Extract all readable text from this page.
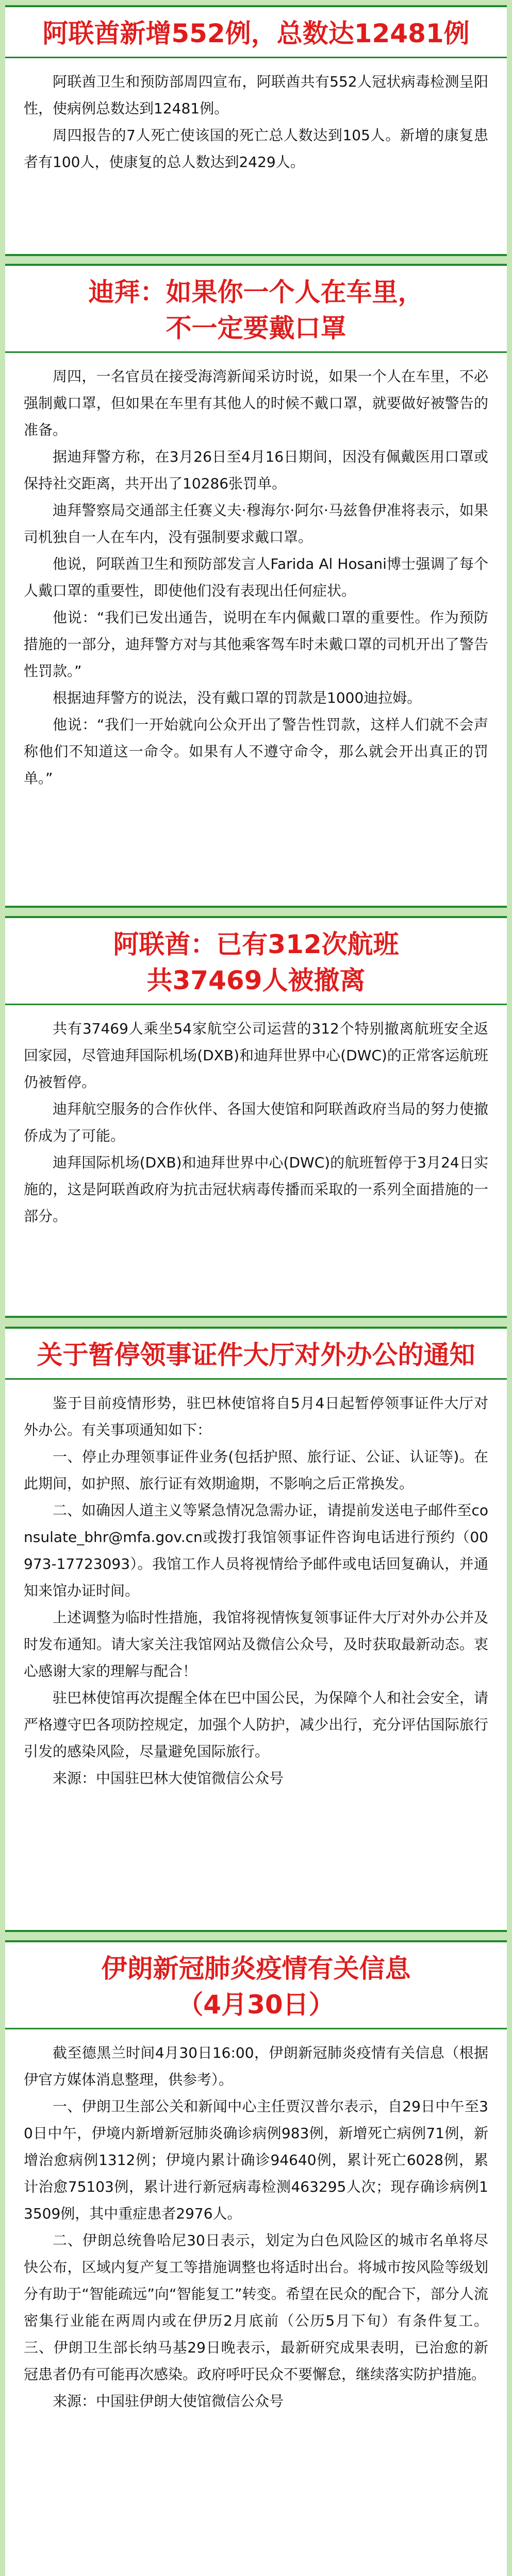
阿联酋新增552例，总数达12481例

阿联酋卫生和预防部周四宣布，阿联酋共有552人冠状病毒检测呈阳性，使病例总数达到12481例。

周四报告的7人死亡使该国的死亡总人数达到105人。新增的康复患者有100人，使康复的总人数达到2429人。

迪拜：如果你一个人在车里，
不一定要戴口罩

周四，一名官员在接受海湾新闻采访时说，如果一个人在车里，不必强制戴口罩，但如果在车里有其他人的时候不戴口罩，就要做好被警告的准备。

据迪拜警方称，在3月26日至4月16日期间，因没有佩戴医用口罩或保持社交距离，共开出了10286张罚单。

迪拜警察局交通部主任赛义夫·穆海尔·阿尔·马兹鲁伊准将表示，如果司机独自一人在车内，没有强制要求戴口罩。

他说，阿联酋卫生和预防部发言人Farida Al Hosani博士强调了每个人戴口罩的重要性，即使他们没有表现出任何症状。

他说：“我们已发出通告，说明在车内佩戴口罩的重要性。作为预防措施的一部分，迪拜警方对与其他乘客驾车时未戴口罩的司机开出了警告性罚款。”

根据迪拜警方的说法，没有戴口罩的罚款是1000迪拉姆。

他说：“我们一开始就向公众开出了警告性罚款，这样人们就不会声称他们不知道这一命令。如果有人不遵守命令，那么就会开出真正的罚单。”

阿联酋：已有312次航班
共37469人被撤离

共有37469人乘坐54家航空公司运营的312个特别撤离航班安全返回家园，尽管迪拜国际机场(DXB)和迪拜世界中心(DWC)的正常客运航班仍被暂停。

迪拜航空服务的合作伙伴、各国大使馆和阿联酋政府当局的努力使撤侨成为了可能。

迪拜国际机场(DXB)和迪拜世界中心(DWC)的航班暂停于3月24日实施的，这是阿联酋政府为抗击冠状病毒传播而采取的一系列全面措施的一部分。

关于暂停领事证件大厅对外办公的通知

鉴于目前疫情形势，驻巴林使馆将自5月4日起暂停领事证件大厅对外办公。有关事项通知如下：

一、停止办理领事证件业务(包括护照、旅行证、公证、认证等)。在此期间，如护照、旅行证有效期逾期，不影响之后正常换发。

二、如确因人道主义等紧急情况急需办证，请提前发送电子邮件至consulate_bhr@mfa.gov.cn或拨打我馆领事证件咨询电话进行预约（00973-17723093）。我馆工作人员将视情给予邮件或电话回复确认，并通知来馆办证时间。

上述调整为临时性措施，我馆将视情恢复领事证件大厅对外办公并及时发布通知。请大家关注我馆网站及微信公众号，及时获取最新动态。衷心感谢大家的理解与配合！

驻巴林使馆再次提醒全体在巴中国公民，为保障个人和社会安全，请严格遵守巴各项防控规定，加强个人防护，减少出行，充分评估国际旅行引发的感染风险，尽量避免国际旅行。

来源：中国驻巴林大使馆微信公众号

伊朗新冠肺炎疫情有关信息
（4月30日）

截至德黑兰时间4月30日16:00，伊朗新冠肺炎疫情有关信息（根据伊官方媒体消息整理，供参考）。

一、伊朗卫生部公关和新闻中心主任贾汉普尔表示，自29日中午至30日中午，伊境内新增新冠肺炎确诊病例983例，新增死亡病例71例，新增治愈病例1312例；伊境内累计确诊94640例，累计死亡6028例，累计治愈75103例，累计进行新冠病毒检测463295人次；现存确诊病例13509例，其中重症患者2976人。

二、伊朗总统鲁哈尼30日表示，划定为白色风险区的城市名单将尽快公布，区域内复产复工等措施调整也将适时出台。将城市按风险等级划分有助于“智能疏远”向“智能复工”转变。希望在民众的配合下，部分人流密集行业能在两周内或在伊历2月底前（公历5月下旬）有条件复工。三、伊朗卫生部长纳马基29日晚表示，最新研究成果表明，已治愈的新冠患者仍有可能再次感染。政府呼吁民众不要懈怠，继续落实防护措施。

来源：中国驻伊朗大使馆微信公众号
